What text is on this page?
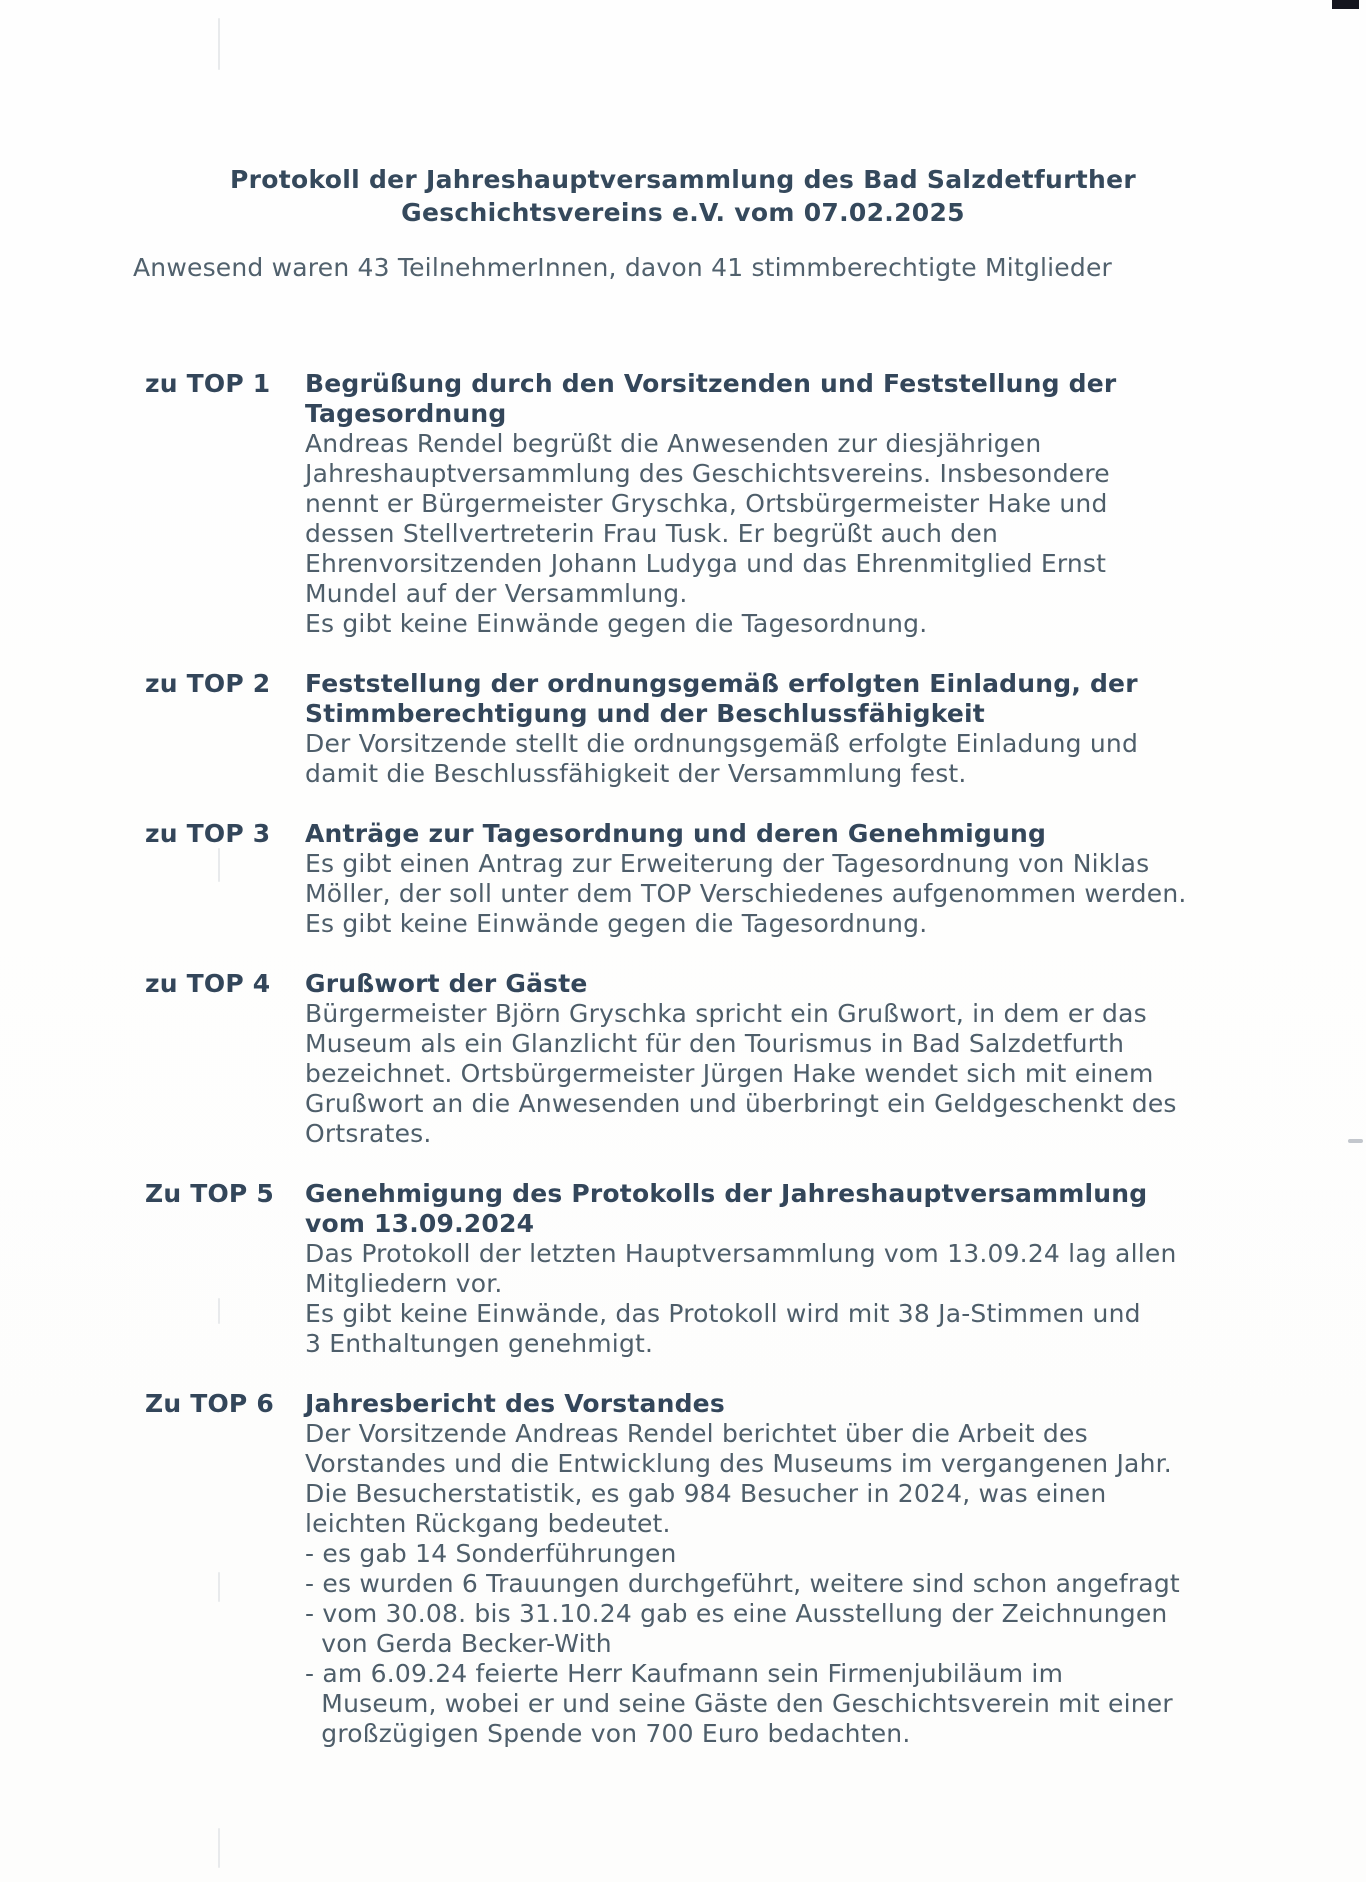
Protokoll der Jahreshauptversammlung des Bad Salzdetfurther
Geschichtsvereins e.V. vom 07.02.2025
Anwesend waren 43 TeilnehmerInnen, davon 41 stimmberechtigte Mitglieder
zu TOP 1	Begrüßung durch den Vorsitzenden und Feststellung der
Tagesordnung
Andreas Rendel begrüßt die Anwesenden zur diesjährigen
Jahreshauptversammlung des Geschichtsvereins. Insbesondere
nennt er Bürgermeister Gryschka, Ortsbürgermeister Hake und
dessen Stellvertreterin Frau Tusk. Er begrüßt auch den
Ehrenvorsitzenden Johann Ludyga und das Ehrenmitglied Ernst
Mundel auf der Versammlung.
Es gibt keine Einwände gegen die Tagesordnung.
zu TOP 2	Feststellung der ordnungsgemäß erfolgten Einladung, der
Stimmberechtigung und der Beschlussfähigkeit
Der Vorsitzende stellt die ordnungsgemäß erfolgte Einladung und
damit die Beschlussfähigkeit der Versammlung fest.
zu TOP 3	Anträge zur Tagesordnung und deren Genehmigung
Es gibt einen Antrag zur Erweiterung der Tagesordnung von Niklas
Möller, der soll unter dem TOP Verschiedenes aufgenommen werden.
Es gibt keine Einwände gegen die Tagesordnung.
zu TOP 4	Grußwort der Gäste
Bürgermeister Björn Gryschka spricht ein Grußwort, in dem er das
Museum als ein Glanzlicht für den Tourismus in Bad Salzdetfurth
bezeichnet. Ortsbürgermeister Jürgen Hake wendet sich mit einem
Grußwort an die Anwesenden und überbringt ein Geldgeschenkt des
Ortsrates.
Zu TOP 5	Genehmigung des Protokolls der Jahreshauptversammlung
vom 13.09.2024
Das Protokoll der letzten Hauptversammlung vom 13.09.24 lag allen
Mitgliedern vor.
Es gibt keine Einwände, das Protokoll wird mit 38 Ja-Stimmen und
3 Enthaltungen genehmigt.
Zu TOP 6	Jahresbericht des Vorstandes
Der Vorsitzende Andreas Rendel berichtet über die Arbeit des
Vorstandes und die Entwicklung des Museums im vergangenen Jahr.
Die Besucherstatistik, es gab 984 Besucher in 2024, was einen
leichten Rückgang bedeutet.
- es gab 14 Sonderführungen
- es wurden 6 Trauungen durchgeführt, weitere sind schon angefragt
- vom 30.08. bis 31.10.24 gab es eine Ausstellung der Zeichnungen
von Gerda Becker-With
- am 6.09.24 feierte Herr Kaufmann sein Firmenjubiläum im
Museum, wobei er und seine Gäste den Geschichtsverein mit einer
großzügigen Spende von 700 Euro bedachten.
